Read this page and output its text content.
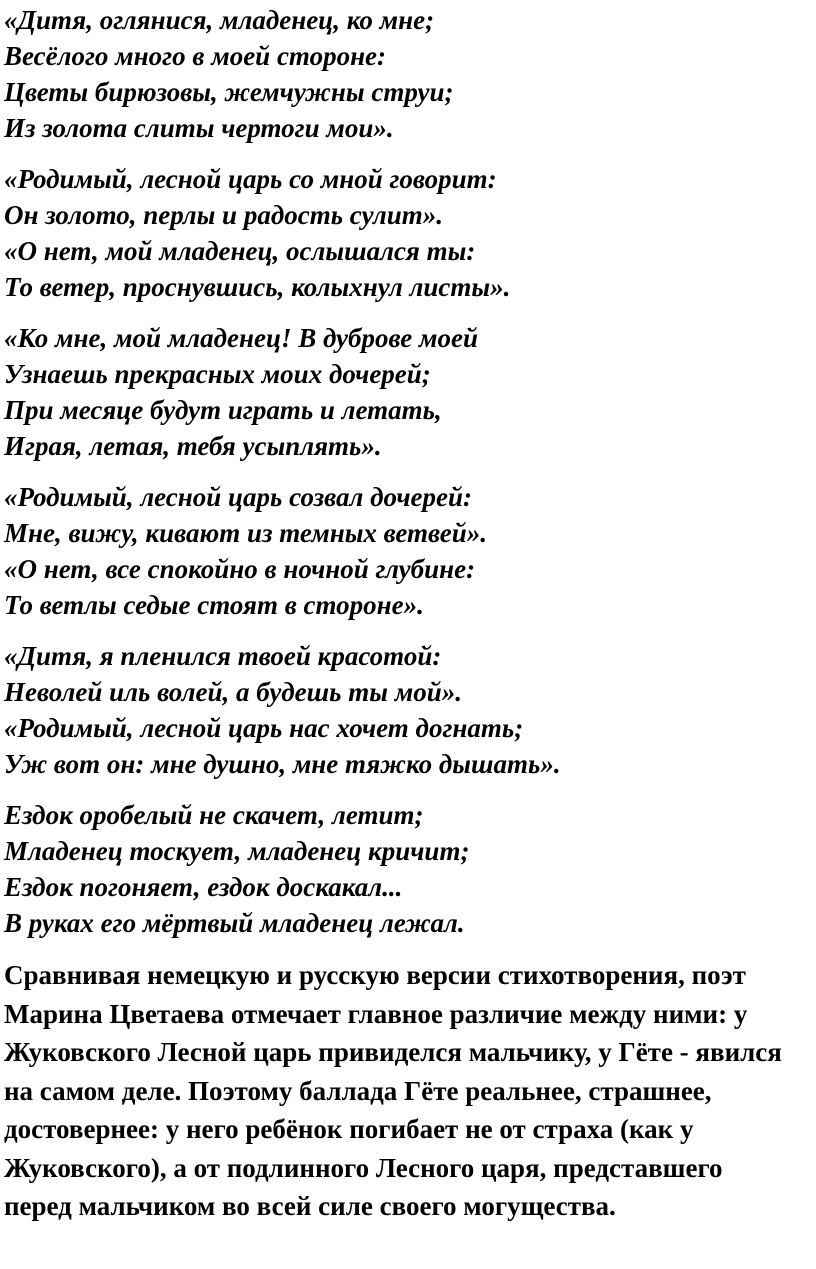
«Дитя, оглянися, младенец, ко мне;
Весёлого много в моей стороне:
Цветы бирюзовы, жемчужны струи;
Из золота слиты чертоги мои».
«Родимый, лесной царь со мной говорит:
Он золото, перлы и радость сулит».
«О нет, мой младенец, ослышался ты:
То ветер, проснувшись, колыхнул листы».
«Ко мне, мой младенец! В дуброве моей
Узнаешь прекрасных моих дочерей;
При месяце будут играть и летать,
Играя, летая, тебя усыплять».
«Родимый, лесной царь созвал дочерей:
Мне, вижу, кивают из темных ветвей».
«О нет, все спокойно в ночной глубине:
То ветлы седые стоят в стороне».
«Дитя, я пленился твоей красотой:
Неволей иль волей, а будешь ты мой».
«Родимый, лесной царь нас хочет догнать;
Уж вот он: мне душно, мне тяжко дышать».
Ездок оробелый не скачет, летит;
Младенец тоскует, младенец кричит;
Ездок погоняет, ездок доскакал...
В руках его мёртвый младенец лежал.
Сравнивая немецкую и русскую версии стихотворения, поэт
Марина Цветаева отмечает главное различие между ними: у
Жуковского Лесной царь привиделся мальчику, у Гёте - явился
на самом деле. Поэтому баллада Гёте реальнее, страшнее,
достовернее: у него ребёнок погибает не от страха (как у
Жуковского), а от подлинного Лесного царя, представшего
перед мальчиком во всей силе своего могущества.
